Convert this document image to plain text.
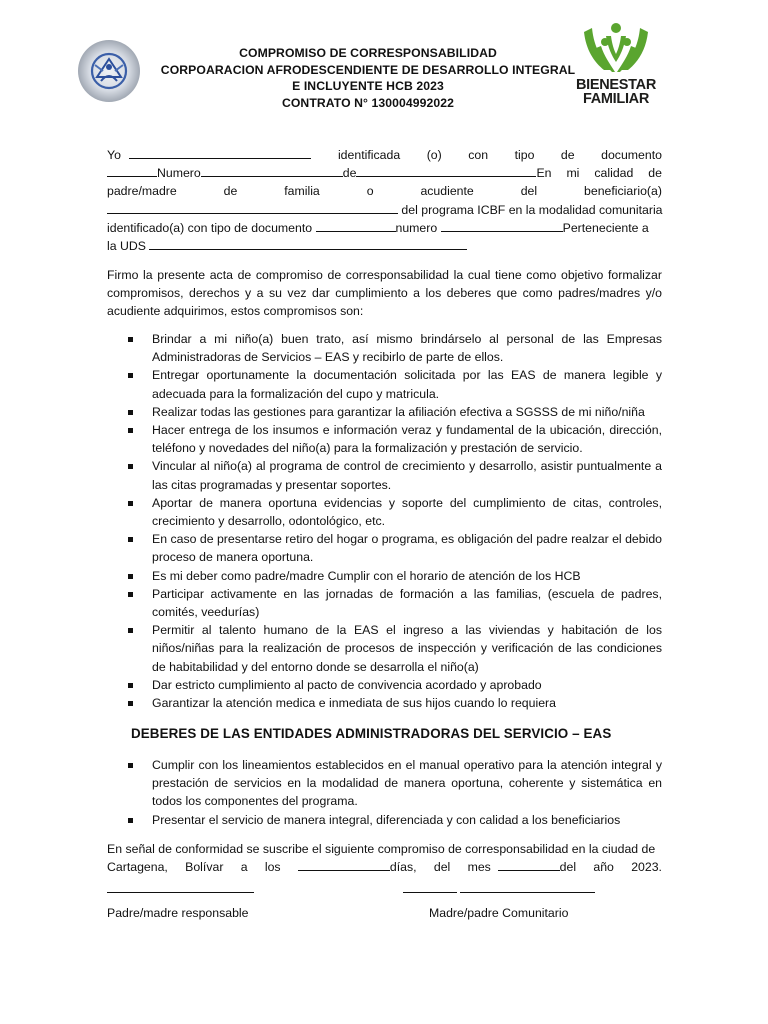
COMPROMISO DE CORRESPONSABILIDAD
CORPOARACION AFRODESCENDIENTE DE DESARROLLO INTEGRAL
E INCLUYENTE HCB 2023
CONTRATO N° 130004992022
BIENESTAR
FAMILIAR
Yo	identificada (o) con tipo de documento
Numero	de	En mi calidad de
padre/madre	de	familia	o	acudiente	del	beneficiario(a)
del programa ICBF en la modalidad comunitaria
identificado(a) con tipo de documento	numero	Perteneciente a
la UDS

Firmo la presente acta de compromiso de corresponsabilidad la cual tiene como objetivo formalizar compromisos, derechos y a su vez dar cumplimiento a los deberes que como padres/madres y/o acudiente adquirimos, estos compromisos son:

Brindar a mi niño(a) buen trato, así mismo brindárselo al personal de las Empresas Administradoras de Servicios – EAS y recibirlo de parte de ellos.
Entregar oportunamente la documentación solicitada por las EAS de manera legible y adecuada para la formalización del cupo y matricula.
Realizar todas las gestiones para garantizar la afiliación efectiva a SGSSS de mi niño/niña
Hacer entrega de los insumos e información veraz y fundamental de la ubicación, dirección, teléfono y novedades del niño(a) para la formalización y prestación de servicio.
Vincular al niño(a) al programa de control de crecimiento y desarrollo, asistir puntualmente a las citas programadas y presentar soportes.
Aportar de manera oportuna evidencias y soporte del cumplimiento de citas, controles, crecimiento y desarrollo, odontológico, etc.
En caso de presentarse retiro del hogar o programa, es obligación del padre realzar el debido proceso de manera oportuna.
Es mi deber como padre/madre Cumplir con el horario de atención de los HCB
Participar activamente en las jornadas de formación a las familias, (escuela de padres, comités, veedurías)
Permitir al talento humano de la EAS el ingreso a las viviendas y habitación de los niños/niñas para la realización de procesos de inspección y verificación de las condiciones de habitabilidad y del entorno donde se desarrolla el niño(a)
Dar estricto cumplimiento al pacto de convivencia acordado y aprobado
Garantizar la atención medica e inmediata de sus hijos cuando lo requiera
DEBERES DE LAS ENTIDADES ADMINISTRADORAS DEL SERVICIO – EAS
Cumplir con los lineamientos establecidos en el manual operativo para la atención integral y prestación de servicios en la modalidad de manera oportuna, coherente y sistemática en todos los componentes del programa.
Presentar el servicio de manera integral, diferenciada y con calidad a los beneficiarios
En señal de conformidad se suscribe el siguiente compromiso de corresponsabilidad en la ciudad de
Cartagena, Bolívar a los	días, del mes	del año 2023.
Padre/madre responsable	Madre/padre Comunitario
